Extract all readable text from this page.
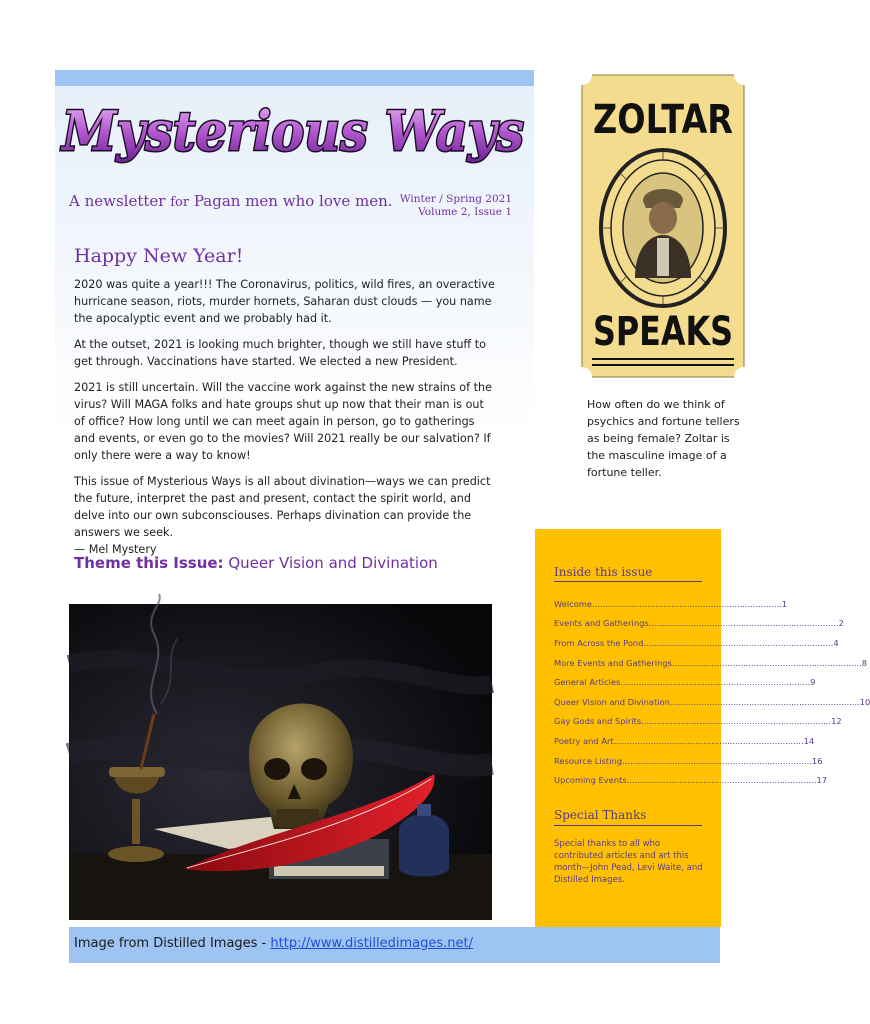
Mysterious Ways
A newsletter for Pagan men who love men. Winter / Spring 2021
Volume 2, Issue 1
Happy New Year!

2020 was quite a year!!! The Coronavirus, politics, wild fires, an overactive hurricane season, riots, murder hornets, Saharan dust clouds — you name the apocalyptic event and we probably had it.

At the outset, 2021 is looking much brighter, though we still have stuff to get through. Vaccinations have started. We elected a new President.

2021 is still uncertain. Will the vaccine work against the new strains of the virus? Will MAGA folks and hate groups shut up now that their man is out of office? How long until we can meet again in person, go to gatherings and events, or even go to the movies? Will 2021 really be our salvation? If only there were a way to know!

This issue of Mysterious Ways is all about divination—ways we can predict the future, interpret the past and present, contact the spirit world, and delve into our own subconsciouses. Perhaps divination can provide the answers we seek.
— Mel Mystery

Theme this Issue: Queer Vision and Divination
Image from Distilled Images - http://www.distilledimages.net/
ZOLTAR
SPEAKS
How often do we think of psychics and fortune tellers as being female? Zoltar is the masculine image of a fortune teller.
Inside this issue
Welcome .....	1
Events and Gatherings .....	2
From Across the Pond .....	4
More Events and Gatherings .....	8
General Articles .....	9
Queer Vision and Divination .....	10
Gay Gods and Spirits .....	12
Poetry and Art .....	14
Resource Listing .....	16
Upcoming Events .....	17
Special Thanks
Special thanks to all who contributed articles and art this month—John Pead, Levi Waite, and Distilled Images.
